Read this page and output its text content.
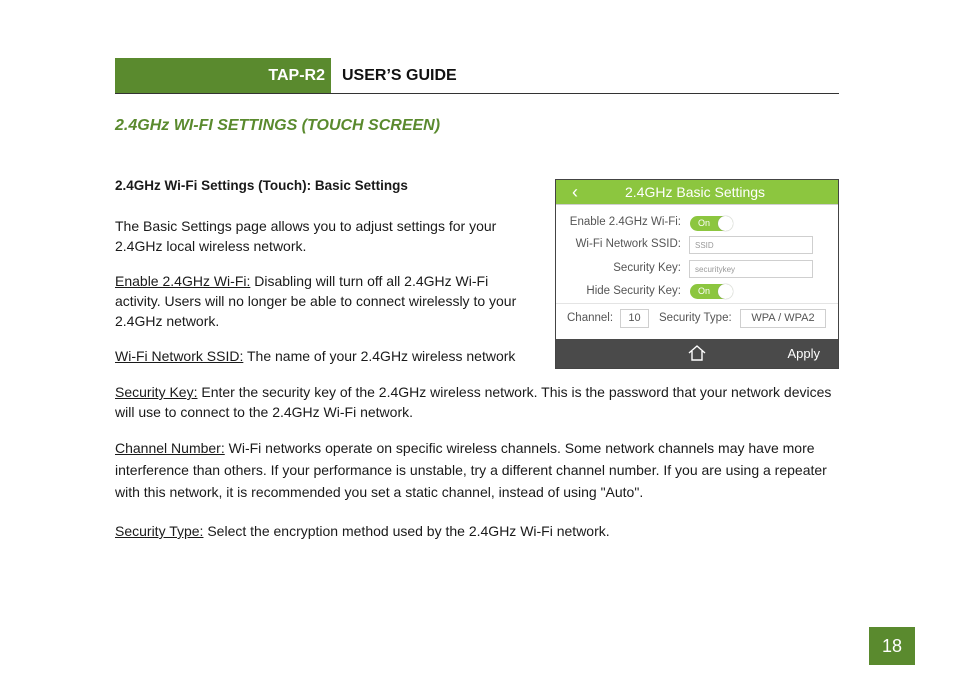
TAP-R2 USER’S GUIDE
2.4GHz WI-FI SETTINGS (TOUCH SCREEN)
2.4GHz Wi-Fi Settings (Touch): Basic Settings
The Basic Settings page allows you to adjust settings for your 2.4GHz local wireless network.
Enable 2.4GHz Wi-Fi: Disabling will turn off all 2.4GHz Wi-Fi activity. Users will no longer be able to connect wirelessly to your 2.4GHz network.
Wi-Fi Network SSID: The name of your 2.4GHz wireless network
Security Key: Enter the security key of the 2.4GHz wireless network. This is the password that your network devices will use to connect to the 2.4GHz Wi-Fi network.
Channel Number: Wi-Fi networks operate on specific wireless channels. Some network channels may have more interference than others. If your performance is unstable, try a different channel number. If you are using a repeater with this network, it is recommended you set a static channel, instead of using "Auto".
Security Type: Select the encryption method used by the 2.4GHz Wi-Fi network.
‹	2.4GHz Basic Settings
Enable 2.4GHz Wi-Fi: On
Wi-Fi Network SSID:	SSID
Security Key:	securitykey
Hide Security Key: On
Channel:	10	Security Type:	WPA / WPA2
Apply
18
